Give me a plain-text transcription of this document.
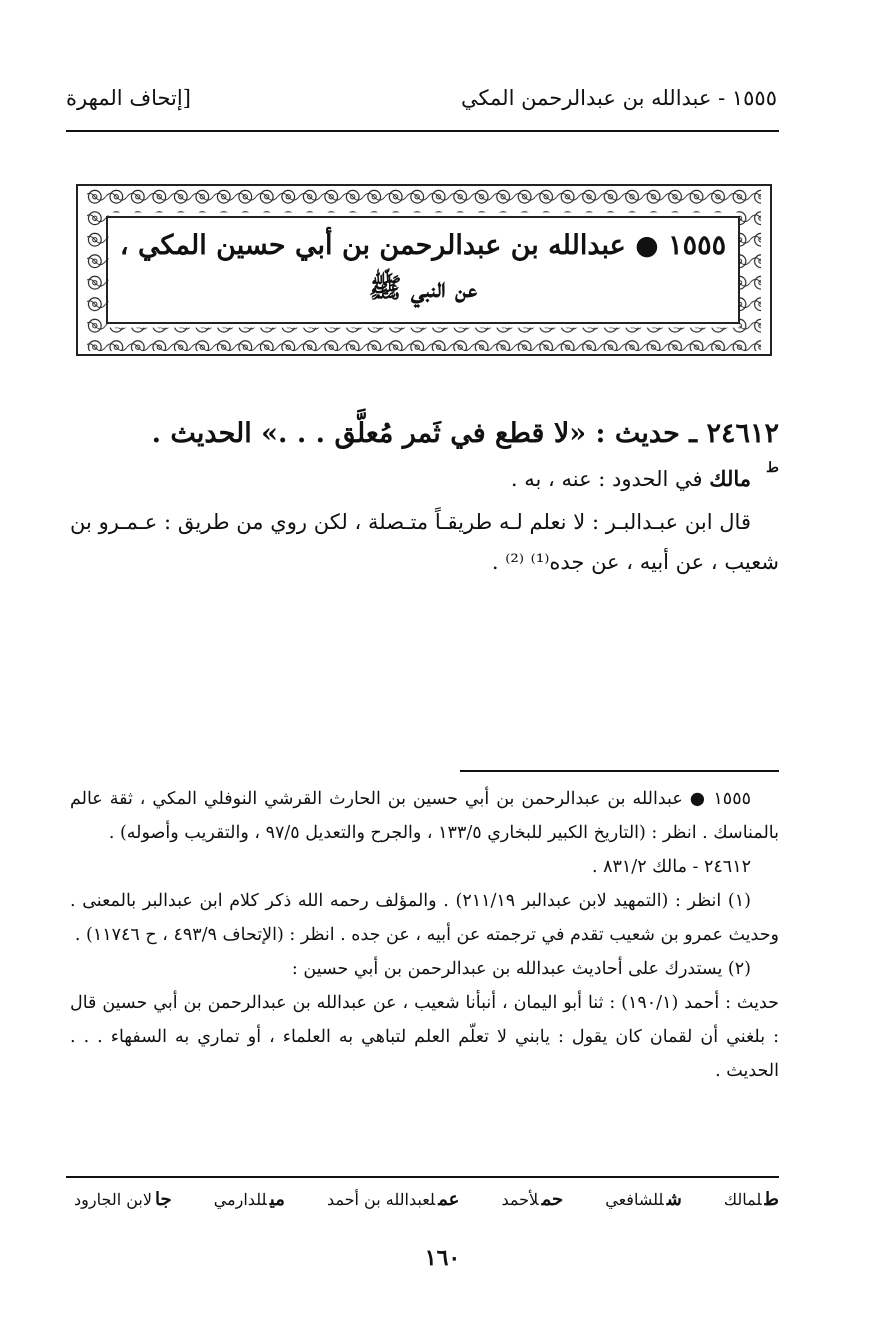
١٥٥٥ - عبدالله بن عبدالرحمن المكي
[إتحاف المهرة
١٥٥٥ ● عبدالله بن عبدالرحمن بن أبي حسين المكي ،
عن النبي ﷺ
٢٤٦١٢ ـ حديث : «لا قطع في ثَمر مُعلَّق . . .» الحديث .
ط
مالك في الحدود : عنه ، به .

قال ابن عبـدالبـر : لا نعلم لـه طريقـاً متـصلة ، لكن روي من طريق : عـمـرو بن شعيب ، عن أبيه ، عن جده⁽¹⁾ ⁽²⁾ .

١٥٥٥ ● عبدالله بن عبدالرحمن بن أبي حسين بن الحارث القرشي النوفلي المكي ، ثقة عالم بالمناسك . انظر : (التاريخ الكبير للبخاري ١٣٣/٥ ، والجرح والتعديل ٩٧/٥ ، والتقريب وأصوله) .

٢٤٦١٢ - مالك ٨٣١/٢ .

(١) انظر : (التمهيد لابن عبدالبر ٢١١/١٩) . والمؤلف رحمه الله ذكر كلام ابن عبدالبر بالمعنى . وحديث عمرو بن شعيب تقدم في ترجمته عن أبيه ، عن جده . انظر : (الإتحاف ٤٩٣/٩ ، ح ١١٧٤٦) .

(٢) يستدرك على أحاديث عبدالله بن عبدالرحمن بن أبي حسين :

حديث : أحمد (١٩٠/١) : ثنا أبو اليمان ، أنبأنا شعيب ، عن عبدالله بن عبدالرحمن بن أبي حسين قال : بلغني أن لقمان كان يقول : يابني لا تعلّم العلم لتباهي به العلماء ، أو تماري به السفهاء . . . الحديث .

طلمالك
شللشافعي
حملأحمد
عملعبدالله بن أحمد
ميللدارمي
جالابن الجارود
١٦٠
